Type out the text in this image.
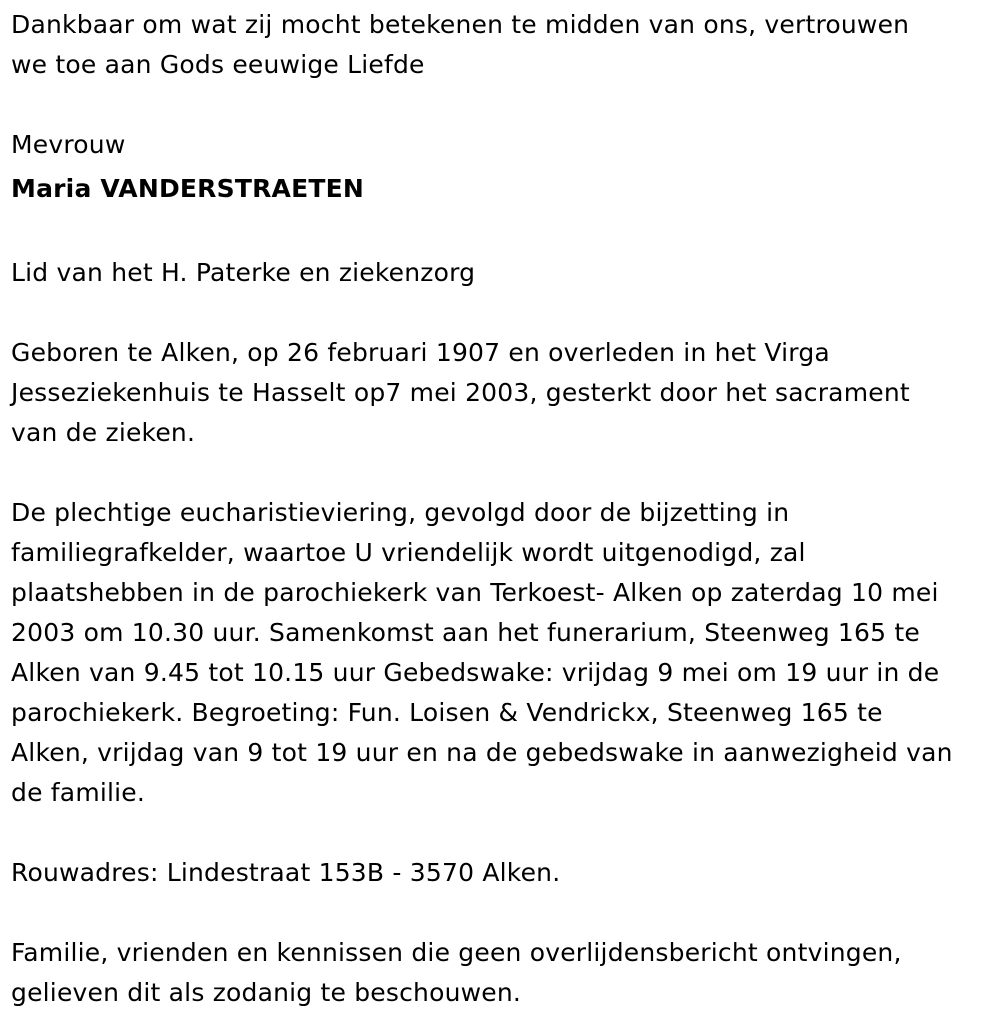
Dankbaar om wat zij mocht betekenen te midden van ons, vertrouwen
we toe aan Gods eeuwige Liefde

Mevrouw
Maria VANDERSTRAETEN

Lid van het H. Paterke en ziekenzorg

Geboren te Alken, op 26 februari 1907 en overleden in het Virga
Jesseziekenhuis te Hasselt op7 mei 2003, gesterkt door het sacrament
van de zieken.

De plechtige eucharistieviering, gevolgd door de bijzetting in
familiegrafkelder, waartoe U vriendelijk wordt uitgenodigd, zal
plaatshebben in de parochiekerk van Terkoest- Alken op zaterdag 10 mei
2003 om 10.30 uur. Samenkomst aan het funerarium, Steenweg 165 te
Alken van 9.45 tot 10.15 uur Gebedswake: vrijdag 9 mei om 19 uur in de
parochiekerk. Begroeting: Fun. Loisen & Vendrickx, Steenweg 165 te
Alken, vrijdag van 9 tot 19 uur en na de gebedswake in aanwezigheid van
de familie.

Rouwadres: Lindestraat 153B - 3570 Alken.

Familie, vrienden en kennissen die geen overlijdensbericht ontvingen,
gelieven dit als zodanig te beschouwen.
